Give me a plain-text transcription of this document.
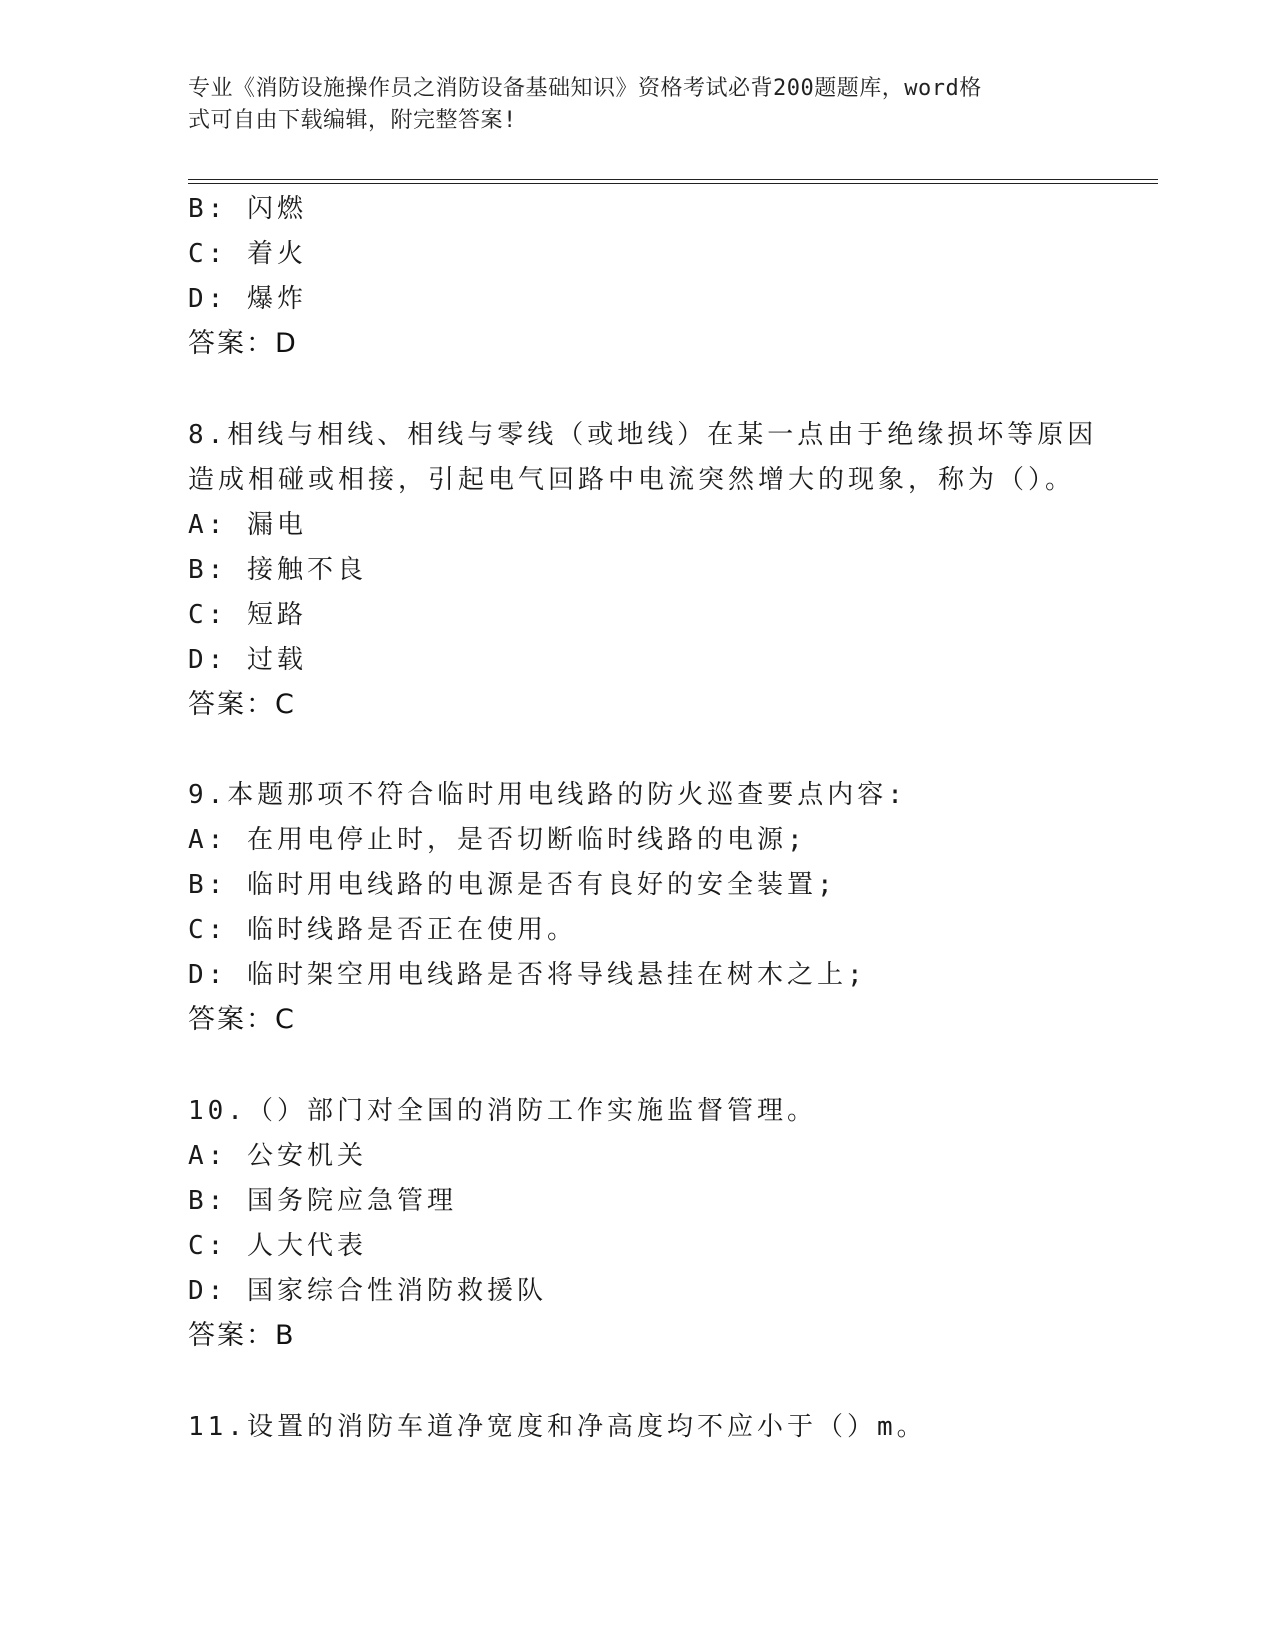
专业《消防设施操作员之消防设备基础知识》资格考试必背200题题库，word格
式可自由下载编辑，附完整答案!
B: 闪燃
C: 着火
D: 爆炸
答案：D
8.相线与相线、相线与零线（或地线）在某一点由于绝缘损坏等原因
造成相碰或相接，引起电气回路中电流突然增大的现象，称为（）。
A: 漏电
B: 接触不良
C: 短路
D: 过载
答案：C
9.本题那项不符合临时用电线路的防火巡查要点内容:
A: 在用电停止时，是否切断临时线路的电源;
B: 临时用电线路的电源是否有良好的安全装置;
C: 临时线路是否正在使用。
D: 临时架空用电线路是否将导线悬挂在树木之上;
答案：C
10.（）部门对全国的消防工作实施监督管理。
A: 公安机关
B: 国务院应急管理
C: 人大代表
D: 国家综合性消防救援队
答案：B
11.设置的消防车道净宽度和净高度均不应小于（）m。
